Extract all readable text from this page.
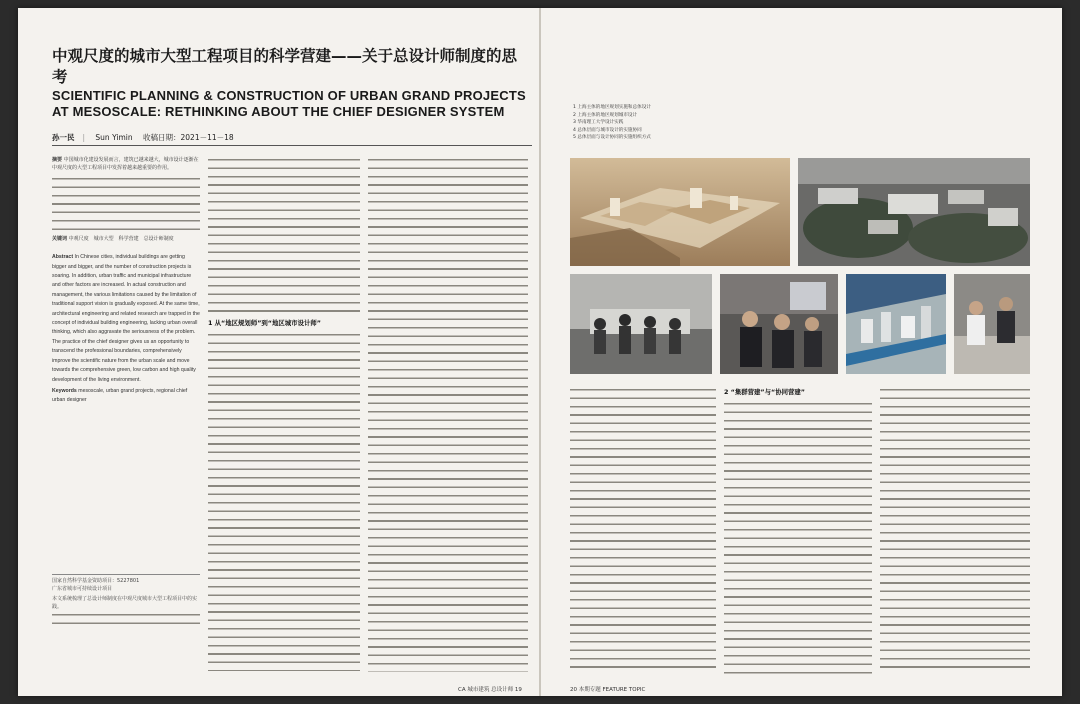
中观尺度的城市大型工程项目的科学营建——关于总设计师制度的思考
SCIENTIFIC PLANNING & CONSTRUCTION OF URBAN GRAND PROJECTS AT MESOSCALE: RETHINKING ABOUT THE CHIEF DESIGNER SYSTEM
孙一民 | Sun Yimin 收稿日期：2021－11－18

摘要 中国城市化建设发展而言，建筑已越来越大，城市设计逐渐在中观尺度的大型工程项目中发挥着越来越重要的作用。

关键词 中观尺度　城市大型　科学营建　总设计师制度

Abstract In Chinese cities, individual buildings are getting bigger and bigger, and the number of construction projects is soaring. In addition, urban traffic and municipal infrastructure and other factors are increased. In actual construction and management, the various limitations caused by the limitation of traditional support vision is gradually exposed. At the same time, architectural engineering and related research are trapped in the concept of individual building engineering, lacking urban overall thinking, which also aggravate the seriousness of the problem. The practice of the chief designer gives us an opportunity to transcend the professional boundaries, comprehensively improve the scientific nature from the urban scale and move towards the comprehensive green, low carbon and high quality development of the living environment.

Keywords mesoscale, urban grand projects, regional chief urban designer

国家自然科学基金资助项目：5227801
广东省城市可持续设计项目
本文系统梳理了总设计师制度在中观尺度城市大型工程项目中的实践。
1 从“地区规划师”到“地区城市设计师”
CA 城市建筑 总设计师 19
1 上海主体的地区规划实施和总体设计
2 上海主体的地区规划城市设计
3 华南理工大学设计实践
4 总体层面与城市设计的实施协同
5 总体层面与设计协同的实施组织方式
2 “集群营建”与“协同营建”
20 本期专题 FEATURE TOPIC
